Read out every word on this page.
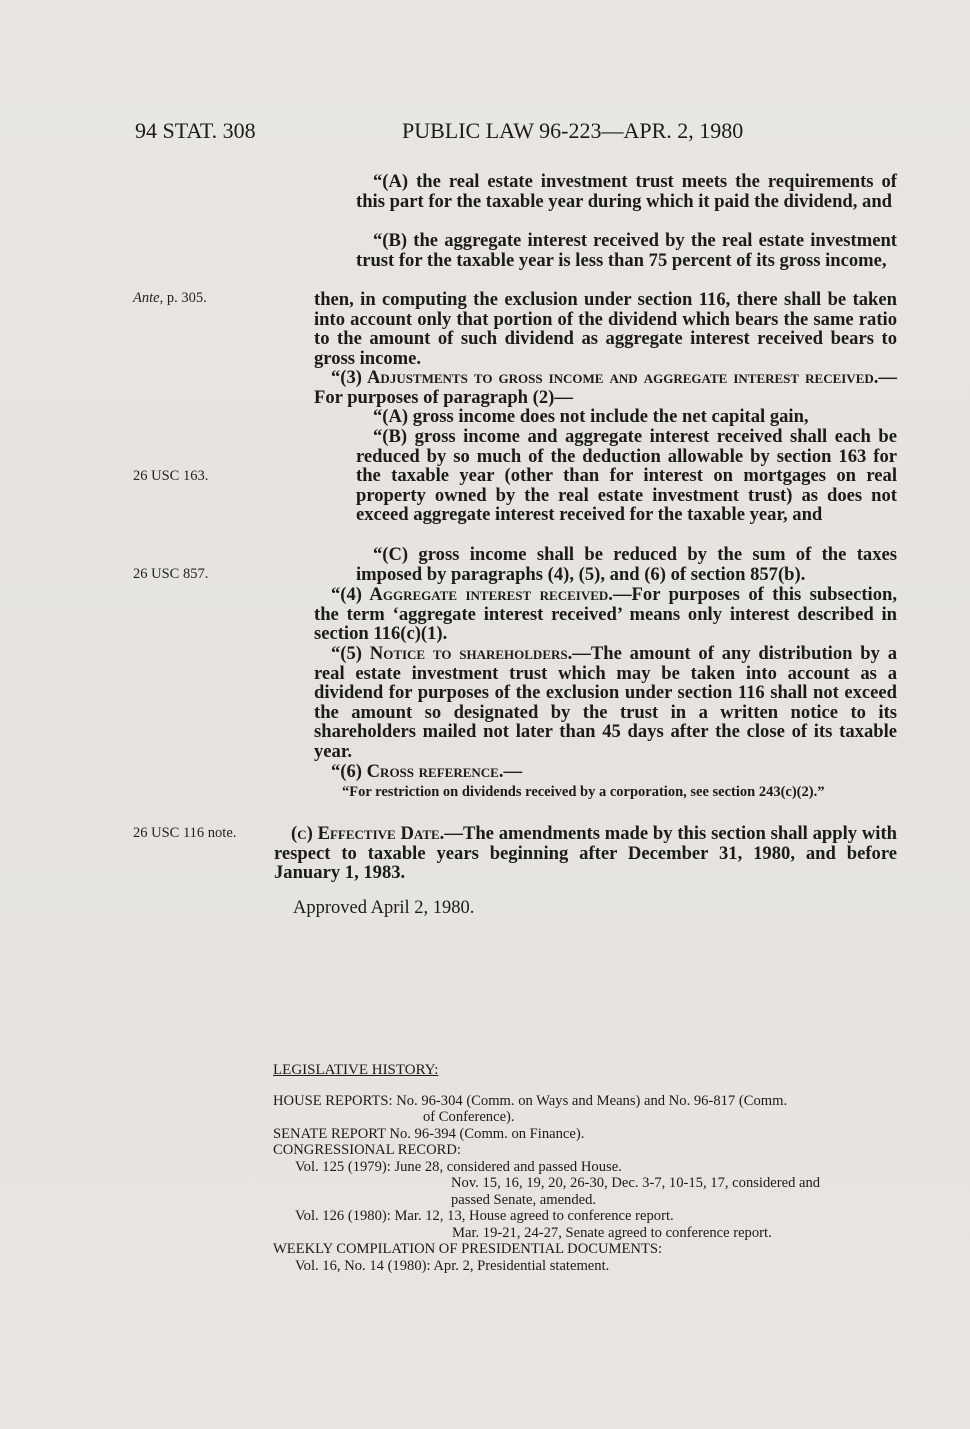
94 STAT. 308	PUBLIC LAW 96-223—APR. 2, 1980
Ante, p. 305.
26 USC 163.
26 USC 857.
26 USC 116 note.
“(A) the real estate investment trust meets the requirements of this part for the taxable year during which it paid the dividend, and
“(B) the aggregate interest received by the real estate investment trust for the taxable year is less than 75 percent of its gross income,
then, in computing the exclusion under section 116, there shall be taken into account only that portion of the dividend which bears the same ratio to the amount of such dividend as aggregate interest received bears to gross income.
“(3) Adjustments to gross income and aggregate interest received.—For purposes of paragraph (2)—
“(A) gross income does not include the net capital gain,
“(B) gross income and aggregate interest received shall each be reduced by so much of the deduction allowable by section 163 for the taxable year (other than for interest on mortgages on real property owned by the real estate investment trust) as does not exceed aggregate interest received for the taxable year, and
“(C) gross income shall be reduced by the sum of the taxes imposed by paragraphs (4), (5), and (6) of section 857(b).
“(4) Aggregate interest received.—For purposes of this subsection, the term ‘aggregate interest received’ means only interest described in section 116(c)(1).
“(5) Notice to shareholders.—The amount of any distribution by a real estate investment trust which may be taken into account as a dividend for purposes of the exclusion under section 116 shall not exceed the amount so designated by the trust in a written notice to its shareholders mailed not later than 45 days after the close of its taxable year.
“(6) Cross reference.—
“For restriction on dividends received by a corporation, see section 243(c)(2).”
(c) Effective Date.—The amendments made by this section shall apply with respect to taxable years beginning after December 31, 1980, and before January 1, 1983.
Approved April 2, 1980.
LEGISLATIVE HISTORY:
HOUSE REPORTS: No. 96-304 (Comm. on Ways and Means) and No. 96-817 (Comm.
of Conference).
SENATE REPORT No. 96-394 (Comm. on Finance).
CONGRESSIONAL RECORD:
Vol. 125 (1979): June 28, considered and passed House.
Nov. 15, 16, 19, 20, 26-30, Dec. 3-7, 10-15, 17, considered and
passed Senate, amended.
Vol. 126 (1980): Mar. 12, 13, House agreed to conference report.
Mar. 19-21, 24-27, Senate agreed to conference report.
WEEKLY COMPILATION OF PRESIDENTIAL DOCUMENTS:
Vol. 16, No. 14 (1980): Apr. 2, Presidential statement.
